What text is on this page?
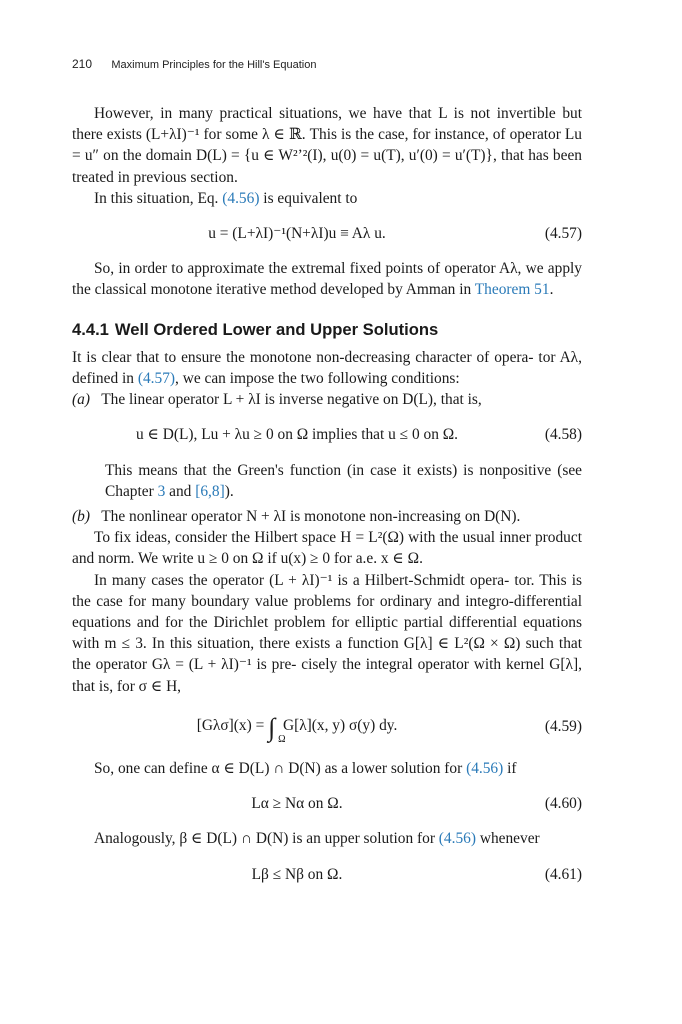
210 Maximum Principles for the Hill's Equation

However, in many practical situations, we have that L is not invertible but there exists (L+λI)⁻¹ for some λ ∈ ℝ. This is the case, for instance, of operator Lu = u″ on the domain D(L) = {u ∈ W²ʼ²(I), u(0) = u(T), u′(0) = u′(T)}, that has been treated in previous section.

In this situation, Eq. (4.56) is equivalent to

u = (L+λI)⁻¹(N+λI)u ≡ Aλ u.	(4.57)

So, in order to approximate the extremal fixed points of operator Aλ, we apply the classical monotone iterative method developed by Amman in Theorem 51.

4.4.1 Well Ordered Lower and Upper Solutions

It is clear that to ensure the monotone non-decreasing character of opera- tor Aλ, defined in (4.57), we can impose the two following conditions:

(a) The linear operator L + λI is inverse negative on D(L), that is,

u ∈ D(L), Lu + λu ≥ 0 on Ω implies that u ≤ 0 on Ω.	(4.58)

This means that the Green's function (in case it exists) is nonpositive (see Chapter 3 and [6,8]).

(b) The nonlinear operator N + λI is monotone non-increasing on D(N).

To fix ideas, consider the Hilbert space H = L²(Ω) with the usual inner product and norm. We write u ≥ 0 on Ω if u(x) ≥ 0 for a.e. x ∈ Ω.

In many cases the operator (L + λI)⁻¹ is a Hilbert-Schmidt opera- tor. This is the case for many boundary value problems for ordinary and integro-differential equations and for the Dirichlet problem for elliptic partial differential equations with m ≤ 3. In this situation, there exists a function G[λ] ∈ L²(Ω × Ω) such that the operator Gλ = (L + λI)⁻¹ is pre- cisely the integral operator with kernel G[λ], that is, for σ ∈ H,

[Gλσ](x) = ∫ Ω
G[λ](x, y) σ(y) dy.	(4.59)

So, one can define α ∈ D(L) ∩ D(N) as a lower solution for (4.56) if

Lα ≥ Nα on Ω.	(4.60)

Analogously, β ∈ D(L) ∩ D(N) is an upper solution for (4.56) whenever

Lβ ≤ Nβ on Ω.	(4.61)
